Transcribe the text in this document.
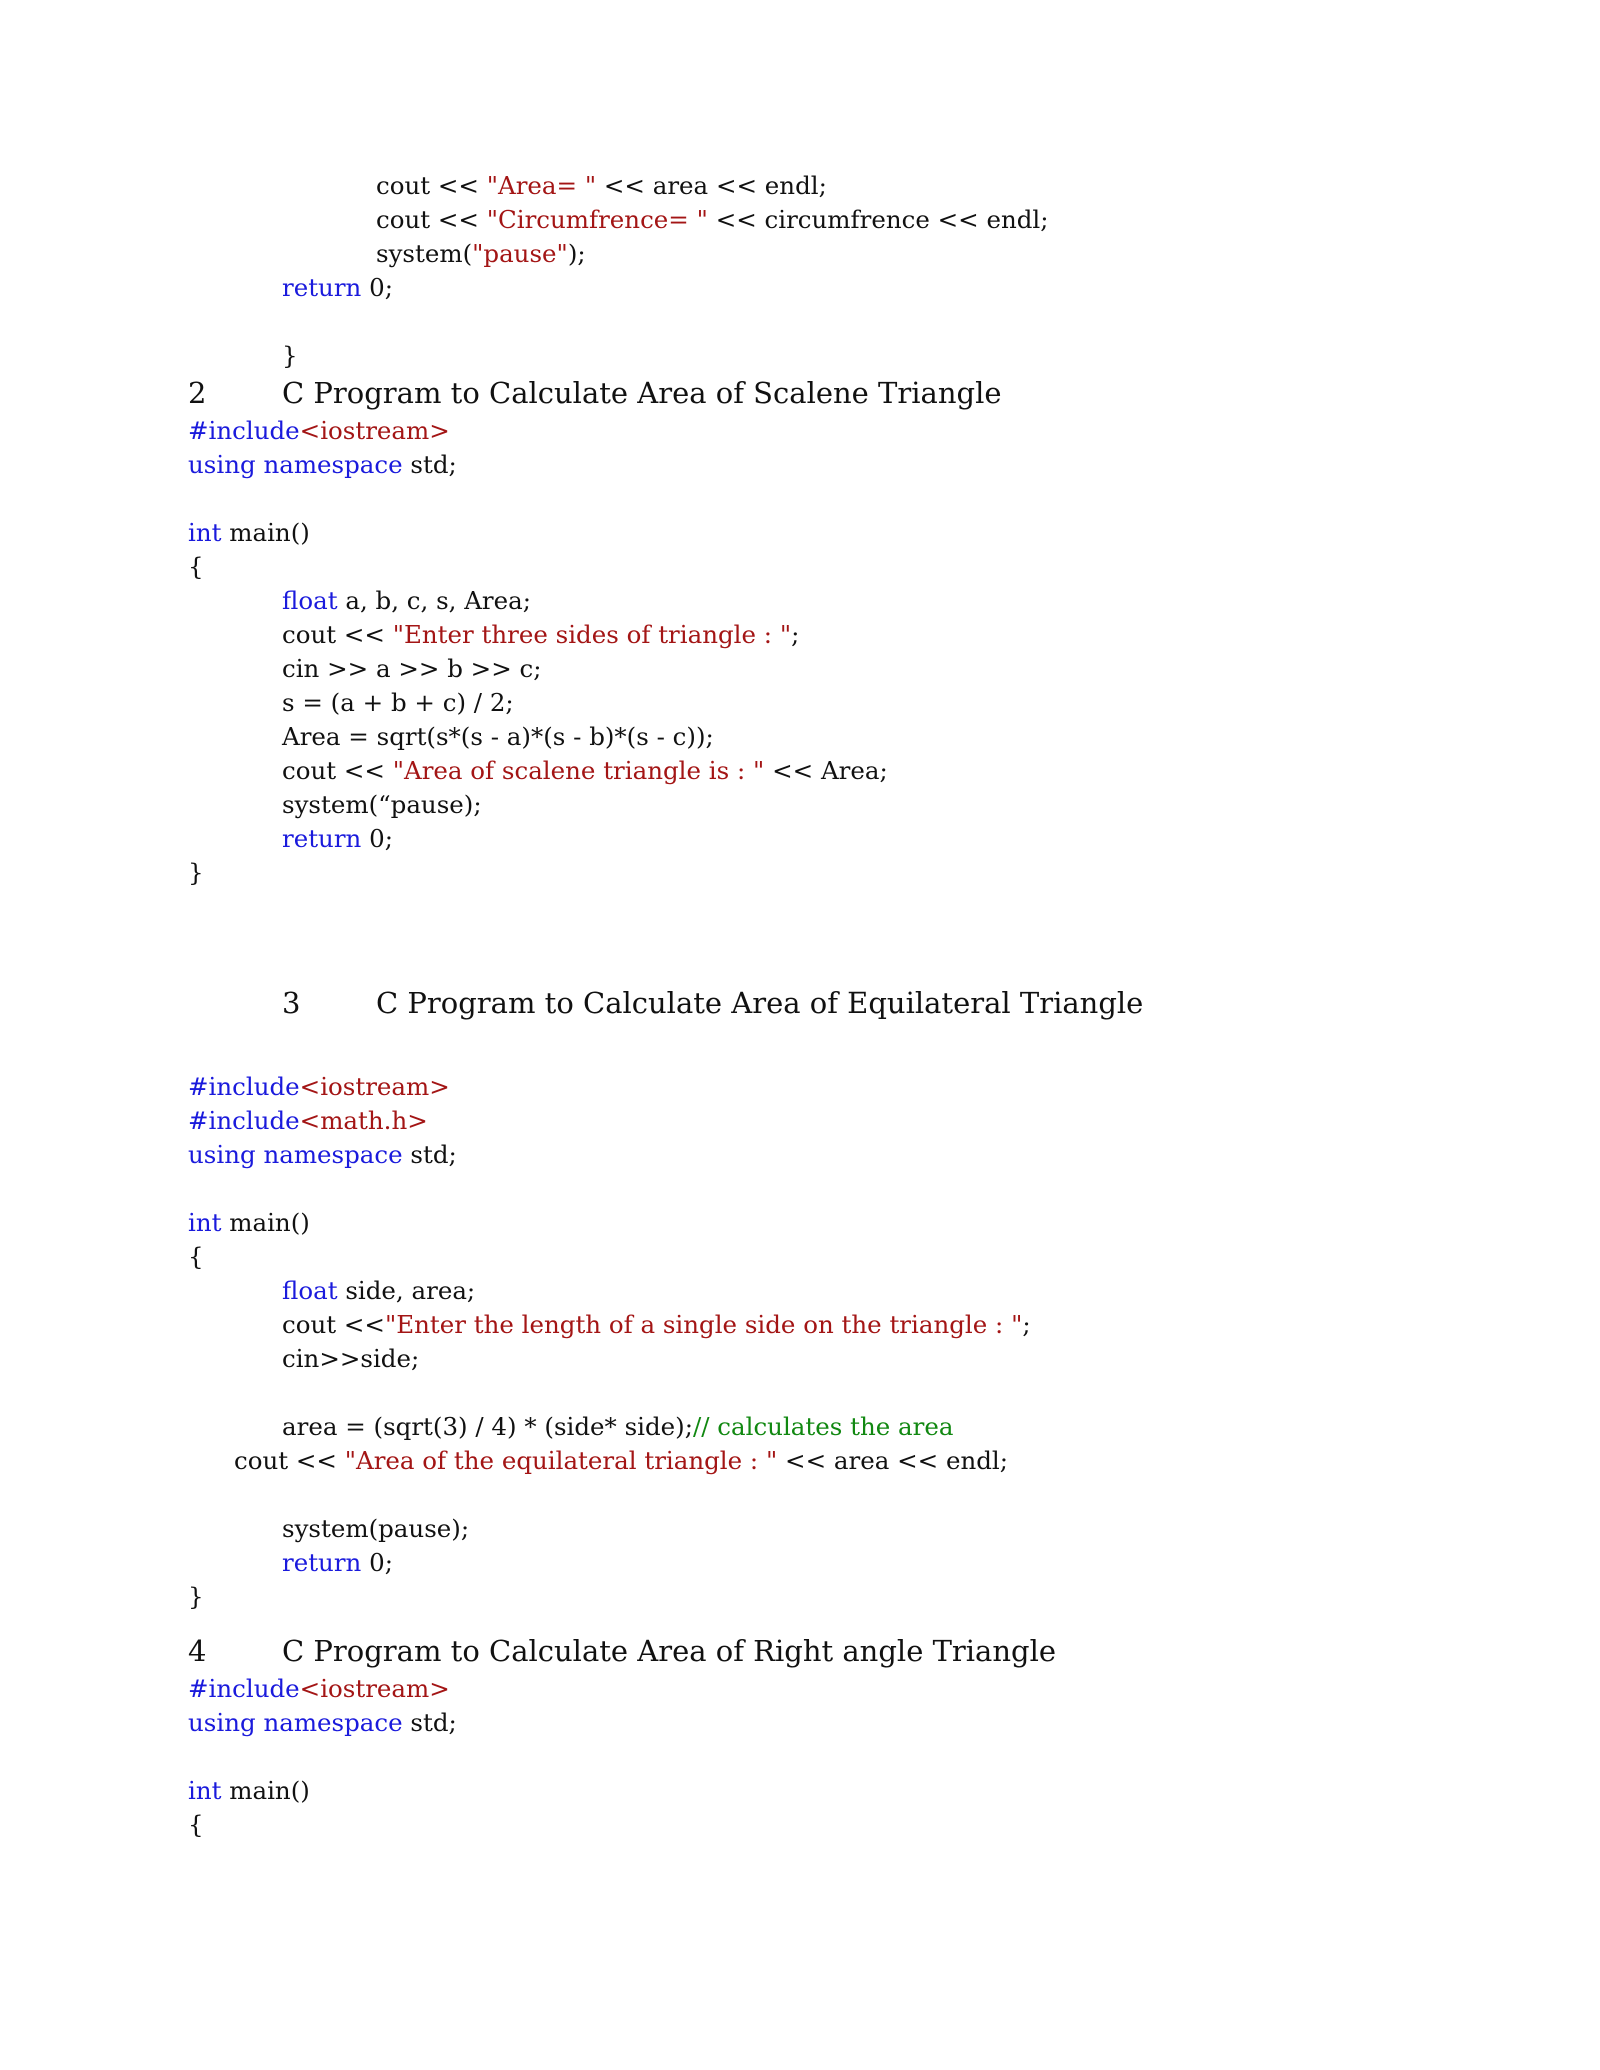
cout << "Area= " << area << endl;
cout << "Circumfrence= " << circumfrence << endl;
system("pause");
return 0;
}
2	C Program to Calculate Area of Scalene Triangle
#include<iostream>
using namespace std;
int main()
{
float a, b, c, s, Area;
cout << "Enter three sides of triangle : ";
cin >> a >> b >> c;
s = (a + b + c) / 2;
Area = sqrt(s*(s - a)*(s - b)*(s - c));
cout << "Area of scalene triangle is : " << Area;
system(“pause);
return 0;
}
3	C Program to Calculate Area of Equilateral Triangle
#include<iostream>
#include<math.h>
using namespace std;
int main()
{
float side, area;
cout <<"Enter the length of a single side on the triangle : ";
cin>>side;
area = (sqrt(3) / 4) * (side* side);// calculates the area
cout << "Area of the equilateral triangle : " << area << endl;
system(pause);
return 0;
}
4	C Program to Calculate Area of Right angle Triangle
#include<iostream>
using namespace std;
int main()
{
